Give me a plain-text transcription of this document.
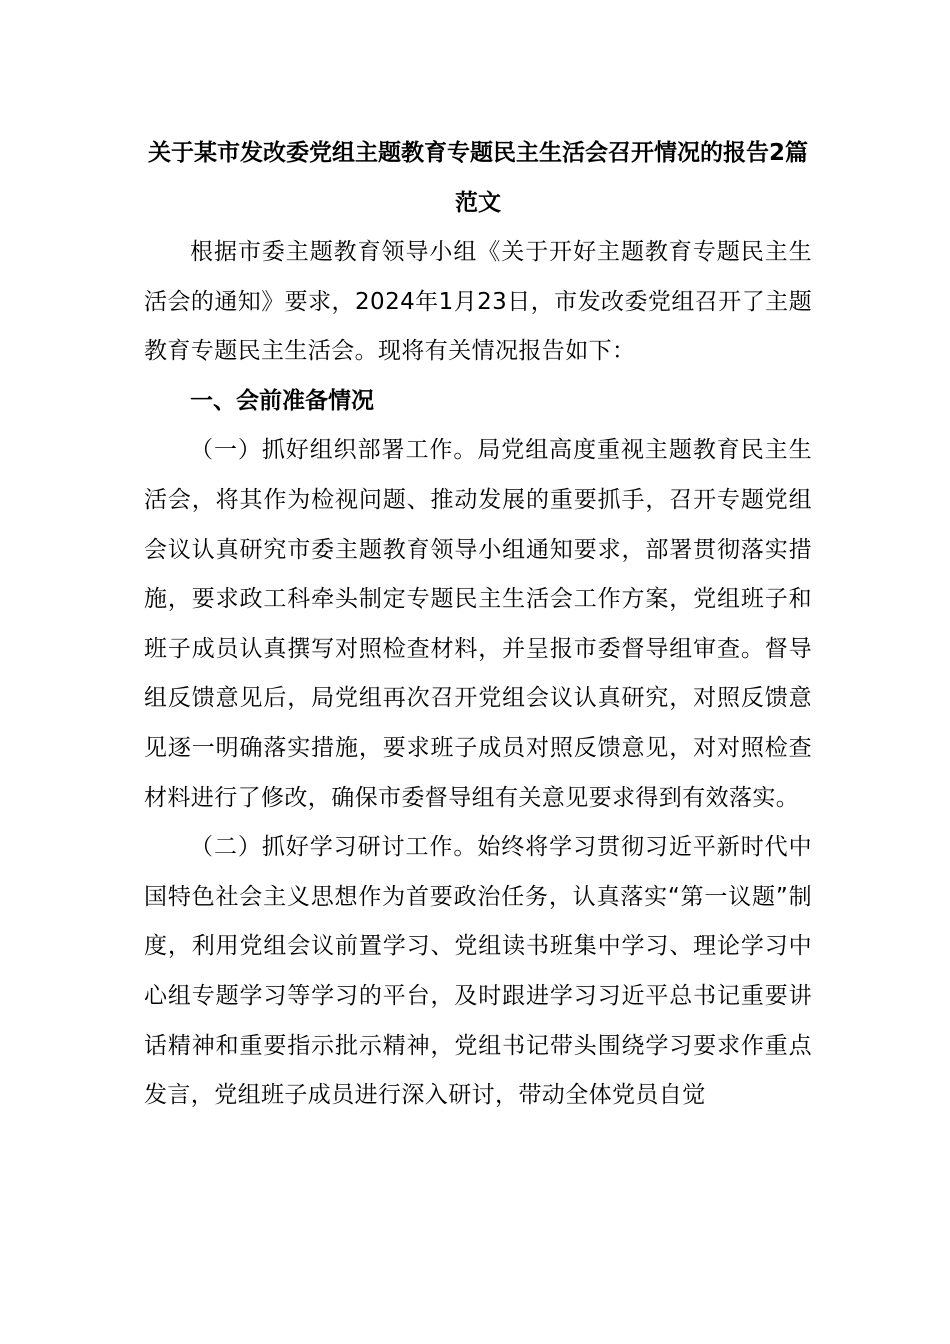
关于某市发改委党组主题教育专题民主生活会召开情况的报告2篇范文

根据市委主题教育领导小组《关于开好主题教育专题民主生活会的通知》要求，2024年1月23日，市发改委党组召开了主题教育专题民主生活会。现将有关情况报告如下：

一、会前准备情况

（一）抓好组织部署工作。局党组高度重视主题教育民主生活会，将其作为检视问题、推动发展的重要抓手，召开专题党组会议认真研究市委主题教育领导小组通知要求，部署贯彻落实措施，要求政工科牵头制定专题民主生活会工作方案，党组班子和班子成员认真撰写对照检查材料，并呈报市委督导组审查。督导组反馈意见后，局党组再次召开党组会议认真研究，对照反馈意见逐一明确落实措施，要求班子成员对照反馈意见，对对照检查材料进行了修改，确保市委督导组有关意见要求得到有效落实。

（二）抓好学习研讨工作。始终将学习贯彻习近平新时代中国特色社会主义思想作为首要政治任务，认真落实“第一议题”制度，利用党组会议前置学习、党组读书班集中学习、理论学习中心组专题学习等学习的平台，及时跟进学习习近平总书记重要讲话精神和重要指示批示精神，党组书记带头围绕学习要求作重点发言，党组班子成员进行深入研讨，带动全体党员自觉
